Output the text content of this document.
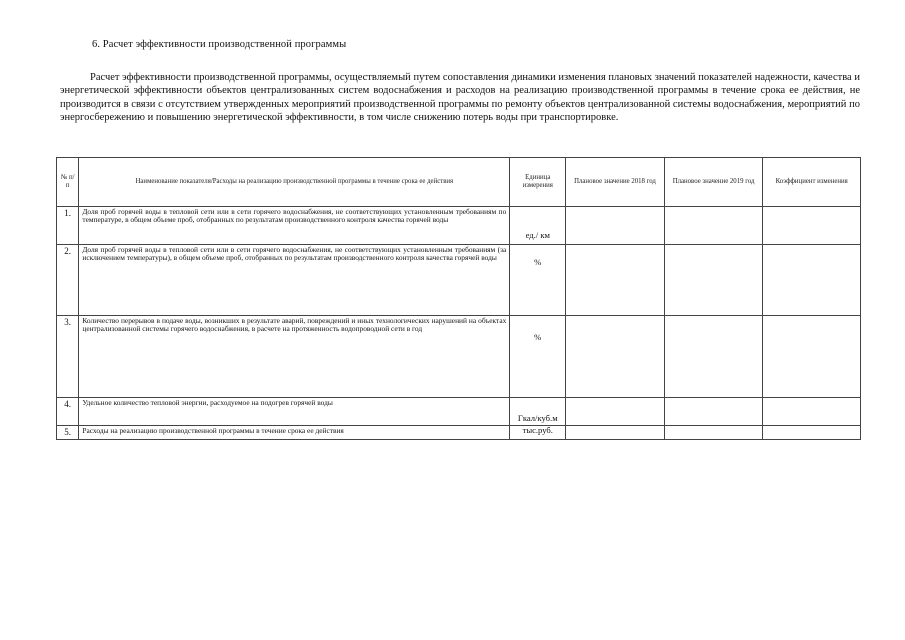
6. Расчет эффективности производственной программы

Расчет эффективности производственной программы, осуществляемый путем сопоставления динамики изменения плановых значений показателей надежности, качества и энергетической эффективности объектов централизованных систем водоснабжения и расходов на реализацию производственной программы в течение срока ее действия, не производится в связи с отсутствием утвержденных мероприятий производственной программы по ремонту объектов централизованной системы водоснабжения, мероприятий по энергосбережению и повышению энергетической эффективности, в том числе снижению потерь воды при транспортировке.

№ п/п	Наименование показателя/Расходы на реализацию производственной программы в течение срока ее действия	Единица измерения	Плановое значение 2018 год	Плановое значение 2019 год	Коэффициент изменения
1.	Доля проб горячей воды в тепловой сети или в сети горячего водоснабжения, не соответствующих установленным требованиям по температуре, в общем объеме проб, отобранных по результатам производственного контроля качества горячей воды	ед./ км			
2.	Доля проб горячей воды в тепловой сети или в сети горячего водоснабжения, не соответствующих установленным требованиям (за исключением температуры), в общем объеме проб, отобранных по результатам производственного контроля качества горячей воды	%			
3.	Количество перерывов в подаче воды, возникших в результате аварий, повреждений и иных технологических нарушений на объектах централизованной системы горячего водоснабжения, в расчете на протяженность водопроводной сети в год	%			
4.	Удельное количество тепловой энергии, расходуемое на подогрев горячей воды	Гкал/куб.м			
5.	Расходы на реализацию производственной программы в течение срока ее действия	тыс.руб.			
